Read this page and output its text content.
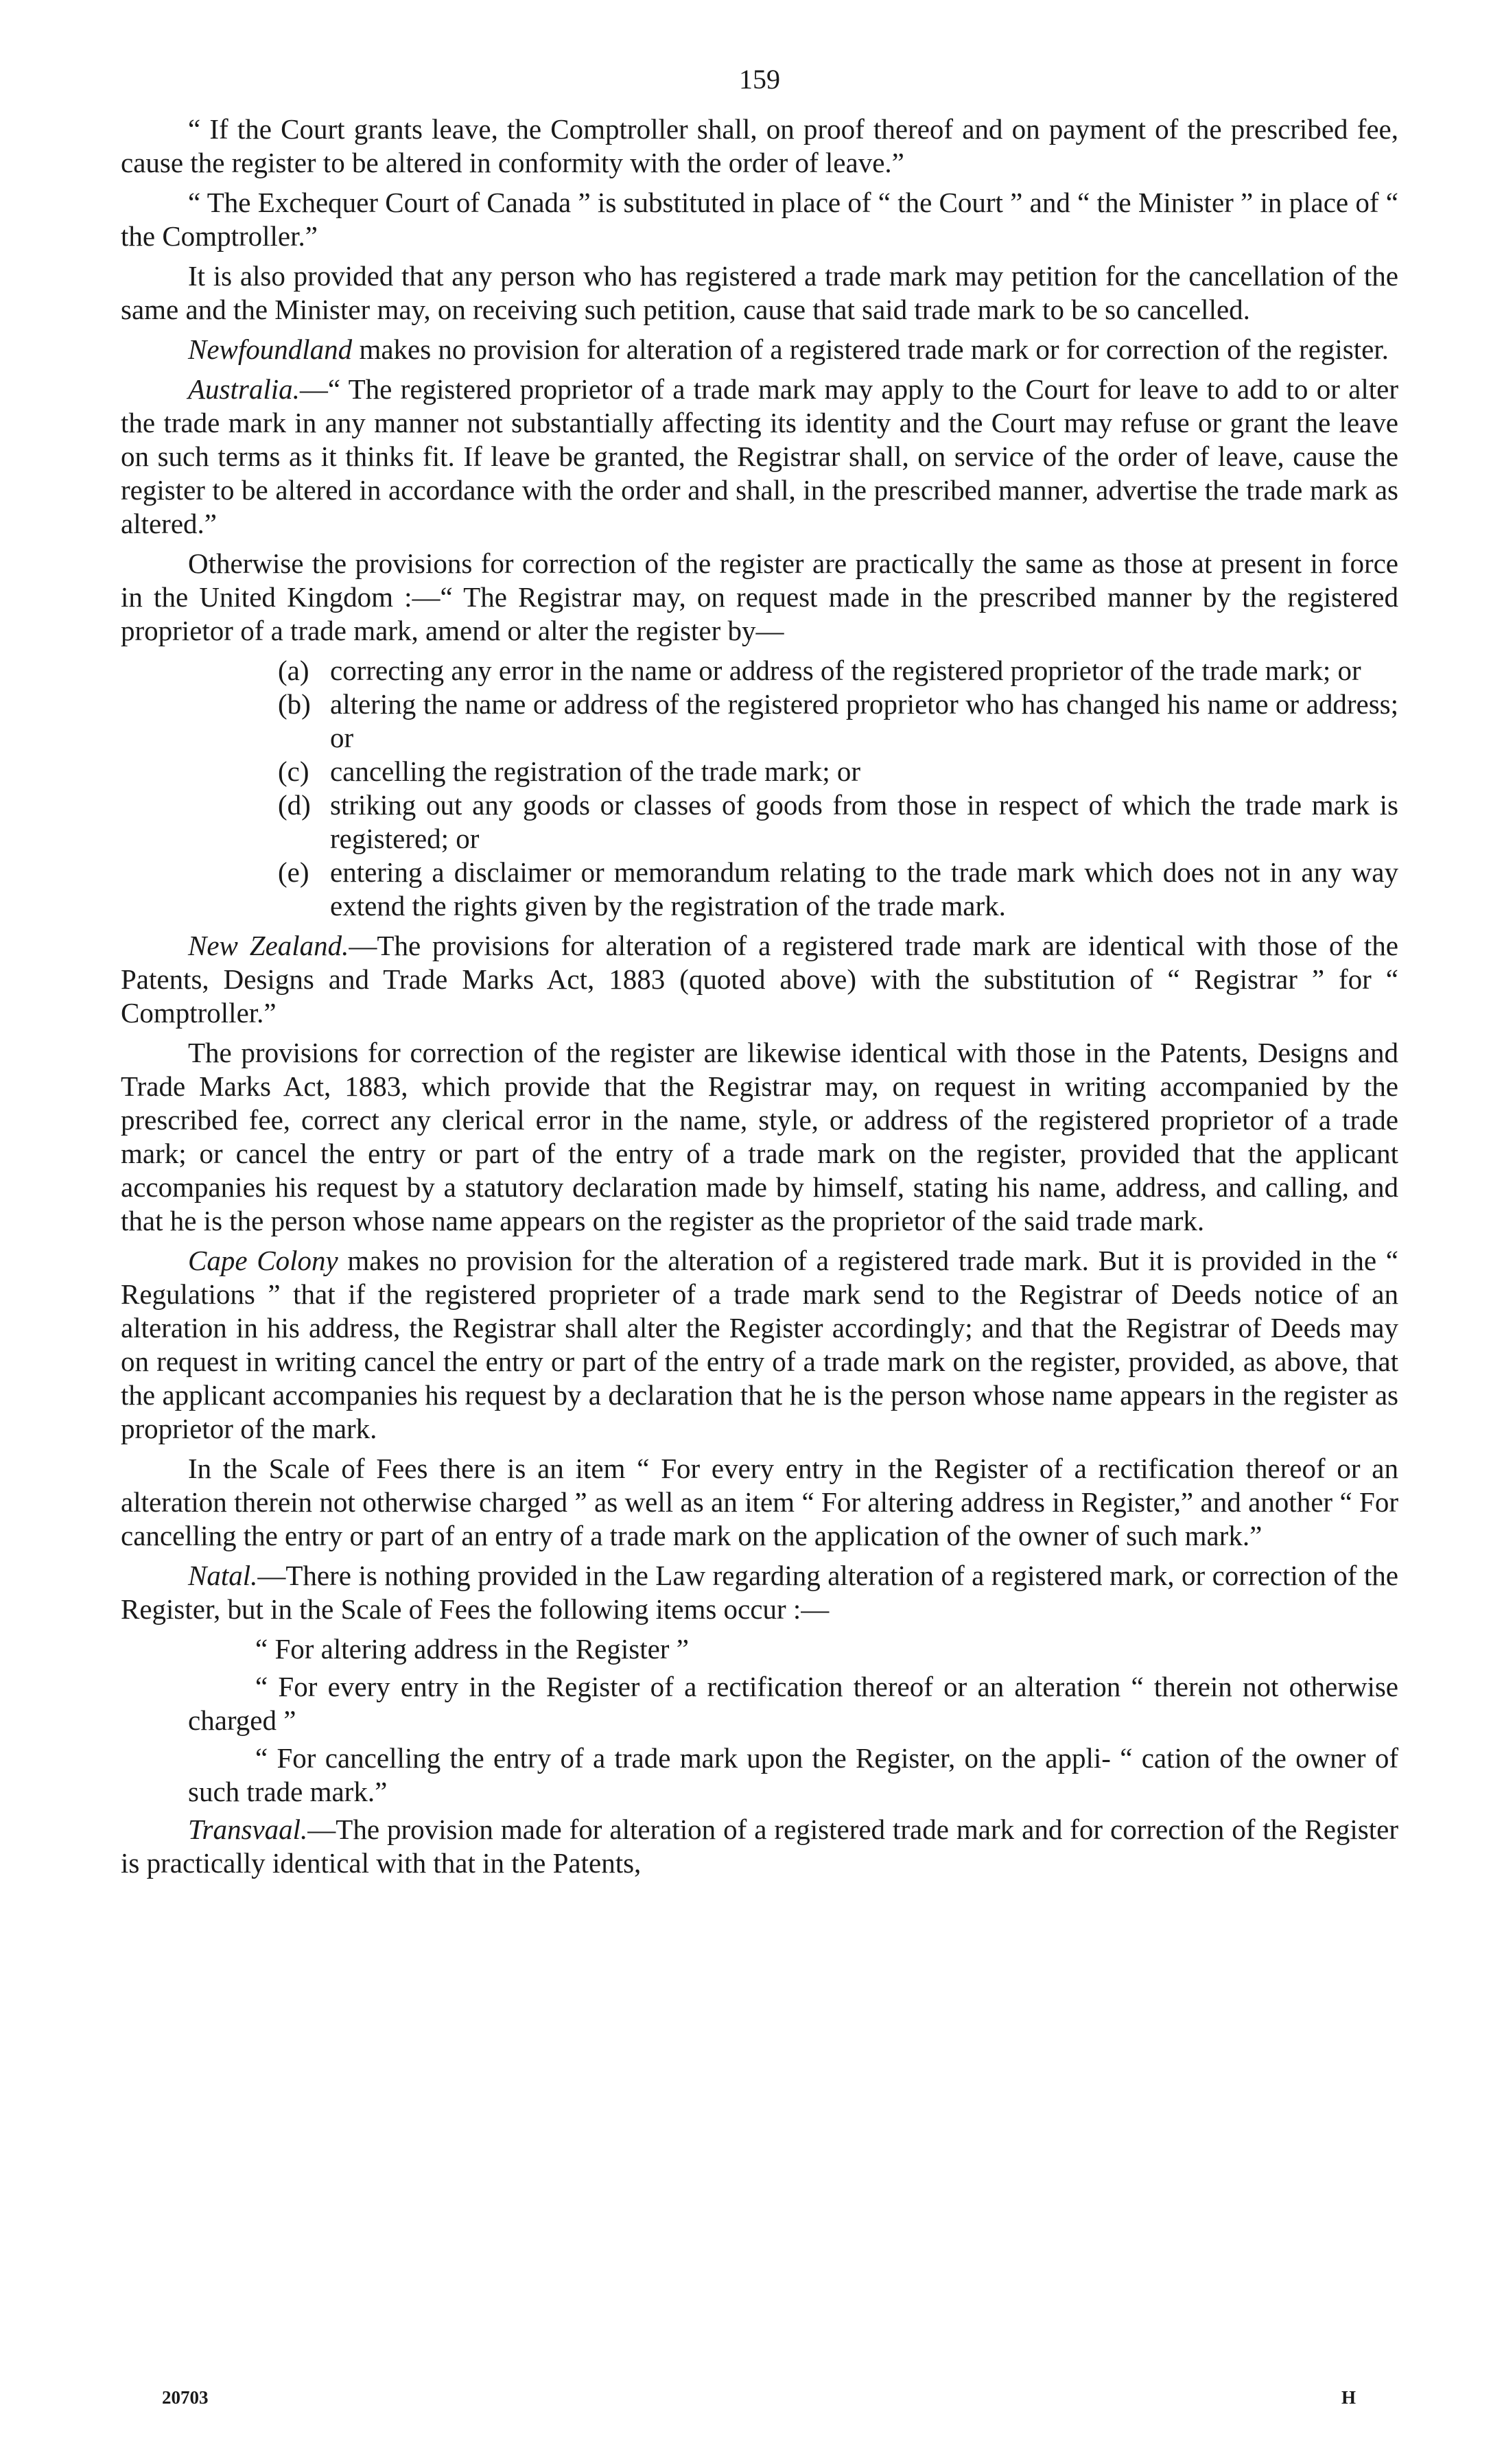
159

“ If the Court grants leave, the Comptroller shall, on proof thereof and on payment of the prescribed fee, cause the register to be altered in conformity with the order of leave.”

“ The Exchequer Court of Canada ” is substituted in place of “ the Court ” and “ the Minister ” in place of “ the Comptroller.”

It is also provided that any person who has registered a trade mark may petition for the cancellation of the same and the Minister may, on receiving such petition, cause that said trade mark to be so cancelled.

Newfoundland makes no provision for alteration of a registered trade mark or for correction of the register.

Australia.—“ The registered proprietor of a trade mark may apply to the Court for leave to add to or alter the trade mark in any manner not substantially affecting its identity and the Court may refuse or grant the leave on such terms as it thinks fit. If leave be granted, the Registrar shall, on service of the order of leave, cause the register to be altered in accordance with the order and shall, in the prescribed manner, advertise the trade mark as altered.”

Otherwise the provisions for correction of the register are practically the same as those at present in force in the United Kingdom :—“ The Registrar may, on request made in the prescribed manner by the registered proprietor of a trade mark, amend or alter the register by—

(a) correcting any error in the name or address of the registered proprietor of the trade mark; or

(b) altering the name or address of the registered proprietor who has changed his name or address; or

(c) cancelling the registration of the trade mark; or

(d) striking out any goods or classes of goods from those in respect of which the trade mark is registered; or

(e) entering a disclaimer or memorandum relating to the trade mark which does not in any way extend the rights given by the registration of the trade mark.

New Zealand.—The provisions for alteration of a registered trade mark are identical with those of the Patents, Designs and Trade Marks Act, 1883 (quoted above) with the substitution of “ Registrar ” for “ Comptroller.”

The provisions for correction of the register are likewise identical with those in the Patents, Designs and Trade Marks Act, 1883, which provide that the Registrar may, on request in writing accompanied by the prescribed fee, correct any clerical error in the name, style, or address of the registered proprietor of a trade mark; or cancel the entry or part of the entry of a trade mark on the register, provided that the applicant accompanies his request by a statutory declaration made by himself, stating his name, address, and calling, and that he is the person whose name appears on the register as the proprietor of the said trade mark.

Cape Colony makes no provision for the alteration of a registered trade mark. But it is provided in the “ Regulations ” that if the registered proprieter of a trade mark send to the Registrar of Deeds notice of an alteration in his address, the Registrar shall alter the Register accordingly; and that the Registrar of Deeds may on request in writing cancel the entry or part of the entry of a trade mark on the register, provided, as above, that the applicant accompanies his request by a declaration that he is the person whose name appears in the register as proprietor of the mark.

In the Scale of Fees there is an item “ For every entry in the Register of a rectification thereof or an alteration therein not otherwise charged ” as well as an item “ For altering address in Register,” and another “ For cancelling the entry or part of an entry of a trade mark on the application of the owner of such mark.”

Natal.—There is nothing provided in the Law regarding alteration of a registered mark, or correction of the Register, but in the Scale of Fees the following items occur :—

“ For altering address in the Register ”

“ For every entry in the Register of a rectification thereof or an alteration “ therein not otherwise charged ”

“ For cancelling the entry of a trade mark upon the Register, on the appli- “ cation of the owner of such trade mark.”

Transvaal.—The provision made for alteration of a registered trade mark and for correction of the Register is practically identical with that in the Patents,

20703	H
